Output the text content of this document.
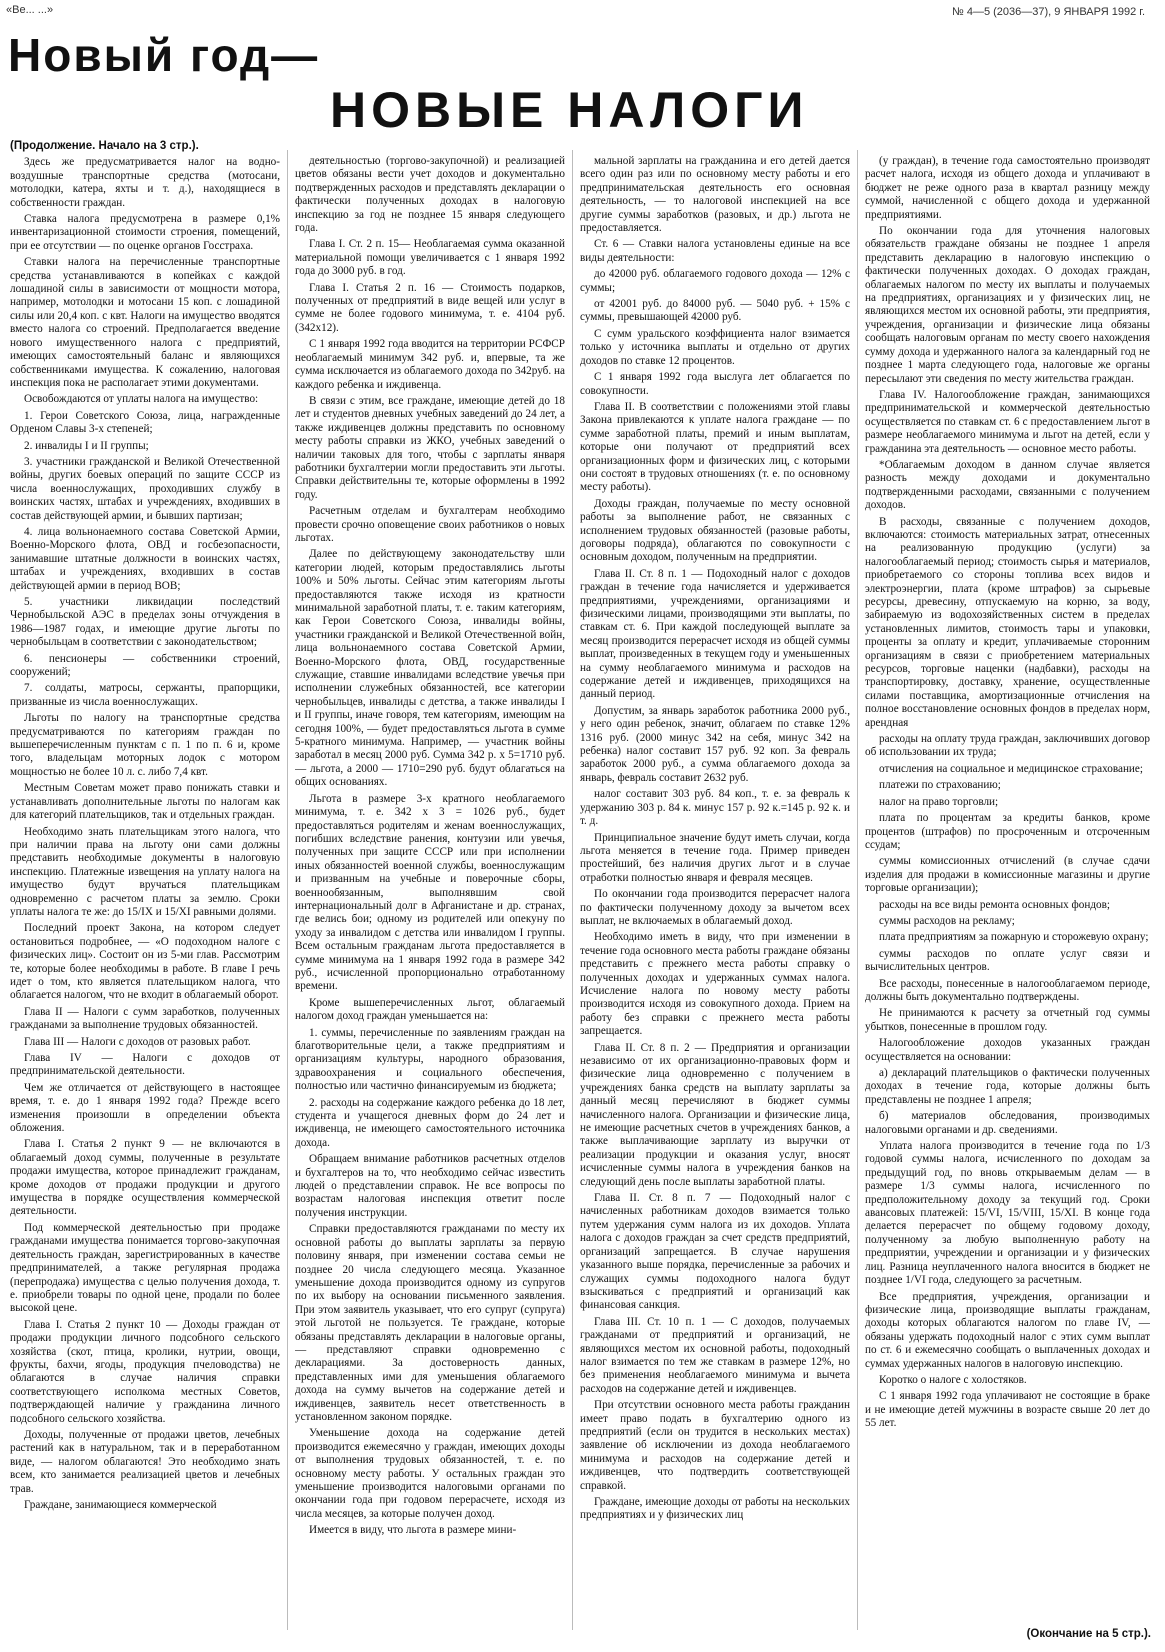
«Ве... ...»	№ 4—5 (2036—37), 9 ЯНВАРЯ 1992 г.
Новый год—
НОВЫЕ НАЛОГИ

(Продолжение. Начало на 3 стр.).

Здесь же предусматривается налог на водно-воздушные транспортные средства (мотосани, мотолодки, катера, яхты и т. д.), находящиеся в собственности граждан.

Ставка налога предусмотрена в размере 0,1% инвентаризационной стоимости строения, помещений, при ее отсутствии — по оценке органов Госстраха.

Ставки налога на перечисленные транспортные средства устанавливаются в копейках с каждой лошадиной силы в зависимости от мощности мотора, например, мотолодки и мотосани 15 коп. с лошадиной силы или 20,4 коп. с квт. Налоги на имущество вводятся вместо налога со строений. Предполагается введение нового имущественного налога с предприятий, имеющих самостоятельный баланс и являющихся собственниками имущества. К сожалению, налоговая инспекция пока не располагает этими документами.

Освобождаются от уплаты налога на имущество:

1. Герои Советского Союза, лица, награжденные Орденом Славы 3-х степеней;

2. инвалиды I и II группы;

3. участники гражданской и Великой Отечественной войны, других боевых операций по защите СССР из числа военнослужащих, проходивших службу в воинских частях, штабах и учреждениях, входивших в состав действующей армии, и бывших партизан;

4. лица вольнонаемного состава Советской Армии, Военно-Морского флота, ОВД и госбезопасности, занимавшие штатные должности в воинских частях, штабах и учреждениях, входивших в состав действующей армии в период ВОВ;

5. участники ликвидации последствий Чернобыльской АЭС в пределах зоны отчуждения в 1986—1987 годах, и имеющие другие льготы по чернобыльцам в соответствии с законодательством;

6. пенсионеры — собственники строений, сооружений;

7. солдаты, матросы, сержанты, прапорщики, призванные из числа военнослужащих.

Льготы по налогу на транспортные средства предусматриваются по категориям граждан по вышеперечисленным пунктам с п. 1 по п. 6 и, кроме того, владельцам моторных лодок с мотором мощностью не более 10 л. с. либо 7,4 квт.

Местным Советам может право понижать ставки и устанавливать дополнительные льготы по налогам как для категорий плательщиков, так и отдельных граждан.

Необходимо знать плательщикам этого налога, что при наличии права на льготу они сами должны представить необходимые документы в налоговую инспекцию. Платежные извещения на уплату налога на имущество будут вручаться плательщикам одновременно с расчетом платы за землю. Сроки уплаты налога те же: до 15/IX и 15/XI равными долями.

Последний проект Закона, на котором следует остановиться подробнее, — «О подоходном налоге с физических лиц». Состоит он из 5-ми глав. Рассмотрим те, которые более необходимы в работе. В главе I речь идет о том, кто является плательщиком налога, что облагается налогом, что не входит в облагаемый оборот.

Глава II — Налоги с сумм заработков, полученных гражданами за выполнение трудовых обязанностей.

Глава III — Налоги с доходов от разовых работ.

Глава IV — Налоги с доходов от предпринимательской деятельности.

Чем же отличается от действующего в настоящее время, т. е. до 1 января 1992 года? Прежде всего изменения произошли в определении объекта обложения.

Глава I. Статья 2 пункт 9 — не включаются в облагаемый доход суммы, полученные в результате продажи имущества, которое принадлежит гражданам, кроме доходов от продажи продукции и другого имущества в порядке осуществления коммерческой деятельности.

Под коммерческой деятельностью при продаже гражданами имущества понимается торгово-закупочная деятельность граждан, зарегистрированных в качестве предпринимателей, а также регулярная продажа (перепродажа) имущества с целью получения дохода, т. е. приобрели товары по одной цене, продали по более высокой цене.

Глава I. Статья 2 пункт 10 — Доходы граждан от продажи продукции личного подсобного сельского хозяйства (скот, птица, кролики, нутрии, овощи, фрукты, бахчи, ягоды, продукция пчеловодства) не облагаются в случае наличия справки соответствующего исполкома местных Советов, подтверждающей наличие у гражданина личного подсобного сельского хозяйства.

Доходы, полученные от продажи цветов, лечебных растений как в натуральном, так и в переработанном виде, — налогом облагаются! Это необходимо знать всем, кто занимается реализацией цветов и лечебных трав.

Граждане, занимающиеся коммерческой

деятельностью (торгово-закупочной) и реализацией цветов обязаны вести учет доходов и документально подтвержденных расходов и представлять декларации о фактически полученных доходах в налоговую инспекцию за год не позднее 15 января следующего года.

Глава I. Ст. 2 п. 15— Необлагаемая сумма оказанной материальной помощи увеличивается с 1 января 1992 года до 3000 руб. в год.

Глава I. Статья 2 п. 16 — Стоимость подарков, полученных от предприятий в виде вещей или услуг в сумме не более годового минимума, т. е. 4104 руб. (342х12).

С 1 января 1992 года вводится на территории РСФСР необлагаемый минимум 342 руб. и, впервые, та же сумма исключается из облагаемого дохода по 342руб. на каждого ребенка и иждивенца.

В связи с этим, все граждане, имеющие детей до 18 лет и студентов дневных учебных заведений до 24 лет, а также иждивенцев должны представить по основному месту работы справки из ЖКО, учебных заведений о наличии таковых для того, чтобы с зарплаты января работники бухгалтерии могли предоставить эти льготы. Справки действительны те, которые оформлены в 1992 году.

Расчетным отделам и бухгалтерам необходимо провести срочно оповещение своих работников о новых льготах.

Далее по действующему законодательству шли категории людей, которым предоставлялись льготы 100% и 50% льготы. Сейчас этим категориям льготы предоставляются также исходя из кратности минимальной заработной платы, т. е. таким категориям, как Герои Советского Союза, инвалиды войны, участники гражданской и Великой Отечественной войн, лица вольнонаемного состава Советской Армии, Военно-Морского флота, ОВД, государственные служащие, ставшие инвалидами вследствие увечья при исполнении служебных обязанностей, все категории чернобыльцев, инвалиды с детства, а также инвалиды I и II группы, иначе говоря, тем категориям, имеющим на сегодня 100%, — будет предоставляться льгота в сумме 5-кратного минимума. Например, — участник войны заработал в месяц 2000 руб. Сумма 342 р. х 5=1710 руб. — льгота, а 2000 — 1710=290 руб. будут облагаться на общих основаниях.

Льгота в размере 3-х кратного необлагаемого минимума, т. е. 342 х 3 = 1026 руб., будет предоставляться родителям и женам военнослужащих, погибших вследствие ранения, контузии или увечья, полученных при защите СССР или при исполнении иных обязанностей военной службы, военнослужащим и призванным на учебные и поверочные сборы, военнообязанным, выполнявшим свой интернациональный долг в Афганистане и др. странах, где велись бои; одному из родителей или опекуну по уходу за инвалидом с детства или инвалидом I группы. Всем остальным гражданам льгота предоставляется в сумме минимума на 1 января 1992 года в размере 342 руб., исчисленной пропорционально отработанному времени.

Кроме вышеперечисленных льгот, облагаемый налогом доход граждан уменьшается на:

1. суммы, перечисленные по заявлениям граждан на благотворительные цели, а также предприятиям и организациям культуры, народного образования, здравоохранения и социального обеспечения, полностью или частично финансируемым из бюджета;

2. расходы на содержание каждого ребенка до 18 лет, студента и учащегося дневных форм до 24 лет и иждивенца, не имеющего самостоятельного источника дохода.

Обращаем внимание работников расчетных отделов и бухгалтеров на то, что необходимо сейчас известить людей о представлении справок. Не все вопросы по возрастам налоговая инспекция ответит после получения инструкции.

Справки предоставляются гражданами по месту их основной работы до выплаты зарплаты за первую половину января, при изменении состава семьи не позднее 20 числа следующего месяца. Указанное уменьшение дохода производится одному из супругов по их выбору на основании письменного заявления. При этом заявитель указывает, что его супруг (супруга) этой льготой не пользуется. Те граждане, которые обязаны представлять декларации в налоговые органы, — представляют справки одновременно с декларациями. За достоверность данных, представленных ими для уменьшения облагаемого дохода на сумму вычетов на содержание детей и иждивенцев, заявитель несет ответственность в установленном законом порядке.

Уменьшение дохода на содержание детей производится ежемесячно у граждан, имеющих доходы от выполнения трудовых обязанностей, т. е. по основному месту работы. У остальных граждан это уменьшение производится налоговыми органами по окончании года при годовом перерасчете, исходя из числа месяцев, за которые получен доход.

Имеется в виду, что льгота в размере мини-

мальной зарплаты на гражданина и его детей дается всего один раз или по основному месту работы и его предпринимательская деятельность его основная деятельность, — то налоговой инспекцией на все другие суммы заработков (разовых, и др.) льгота не предоставляется.

Ст. 6 — Ставки налога установлены единые на все виды деятельности:

до 42000 руб. облагаемого годового дохода — 12% с суммы;

от 42001 руб. до 84000 руб. — 5040 руб. + 15% с суммы, превышающей 42000 руб.

С сумм уральского коэффициента налог взимается только у источника выплаты и отдельно от других доходов по ставке 12 процентов.

С 1 января 1992 года выслуга лет облагается по совокупности.

Глава II. В соответствии с положениями этой главы Закона привлекаются к уплате налога граждане — по сумме заработной платы, премий и иным выплатам, которые они получают от предприятий всех организационных форм и физических лиц, с которыми они состоят в трудовых отношениях (т. е. по основному месту работы).

Доходы граждан, получаемые по месту основной работы за выполнение работ, не связанных с исполнением трудовых обязанностей (разовые работы, договоры подряда), облагаются по совокупности с основным доходом, полученным на предприятии.

Глава II. Ст. 8 п. 1 — Подоходный налог с доходов граждан в течение года начисляется и удерживается предприятиями, учреждениями, организациями и физическими лицами, производящими эти выплаты, по ставкам ст. 6. При каждой последующей выплате за месяц производится перерасчет исходя из общей суммы выплат, произведенных в текущем году и уменьшенных на сумму необлагаемого минимума и расходов на содержание детей и иждивенцев, приходящихся на данный период.

Допустим, за январь заработок работника 2000 руб., у него один ребенок, значит, облагаем по ставке 12% 1316 руб. (2000 минус 342 на себя, минус 342 на ребенка) налог составит 157 руб. 92 коп. За февраль заработок 2000 руб., а сумма облагаемого дохода за январь, февраль составит 2632 руб.

налог составит 303 руб. 84 коп., т. е. за февраль к удержанию 303 р. 84 к. минус 157 р. 92 к.=145 р. 92 к. и т. д.

Принципиальное значение будут иметь случаи, когда льгота меняется в течение года. Пример приведен простейший, без наличия других льгот и в случае отработки полностью января и февраля месяцев.

По окончании года производится перерасчет налога по фактически полученному доходу за вычетом всех выплат, не включаемых в облагаемый доход.

Необходимо иметь в виду, что при изменении в течение года основного места работы граждане обязаны представить с прежнего места работы справку о полученных доходах и удержанных суммах налога. Исчисление налога по новому месту работы производится исходя из совокупного дохода. Прием на работу без справки с прежнего места работы запрещается.

Глава II. Ст. 8 п. 2 — Предприятия и организации независимо от их организационно-правовых форм и физические лица одновременно с получением в учреждениях банка средств на выплату зарплаты за данный месяц перечисляют в бюджет суммы начисленного налога. Организации и физические лица, не имеющие расчетных счетов в учреждениях банков, а также выплачивающие зарплату из выручки от реализации продукции и оказания услуг, вносят исчисленные суммы налога в учреждения банков на следующий день после выплаты заработной платы.

Глава II. Ст. 8 п. 7 — Подоходный налог с начисленных работникам доходов взимается только путем удержания сумм налога из их доходов. Уплата налога с доходов граждан за счет средств предприятий, организаций запрещается. В случае нарушения указанного выше порядка, перечисленные за рабочих и служащих суммы подоходного налога будут взыскиваться с предприятий и организаций как финансовая санкция.

Глава III. Ст. 10 п. 1 — С доходов, получаемых гражданами от предприятий и организаций, не являющихся местом их основной работы, подоходный налог взимается по тем же ставкам в размере 12%, но без применения необлагаемого минимума и вычета расходов на содержание детей и иждивенцев.

При отсутствии основного места работы гражданин имеет право подать в бухгалтерию одного из предприятий (если он трудится в нескольких местах) заявление об исключении из дохода необлагаемого минимума и расходов на содержание детей и иждивенцев, что подтвердить соответствующей справкой.

Граждане, имеющие доходы от работы на нескольких предприятиях и у физических лиц

(у граждан), в течение года самостоятельно производят расчет налога, исходя из общего дохода и уплачивают в бюджет не реже одного раза в квартал разницу между суммой, начисленной с общего дохода и удержанной предприятиями.

По окончании года для уточнения налоговых обязательств граждане обязаны не позднее 1 апреля представить декларацию в налоговую инспекцию о фактически полученных доходах. О доходах граждан, облагаемых налогом по месту их выплаты и получаемых на предприятиях, организациях и у физических лиц, не являющихся местом их основной работы, эти предприятия, учреждения, организации и физические лица обязаны сообщать налоговым органам по месту своего нахождения сумму дохода и удержанного налога за календарный год не позднее 1 марта следующего года, налоговые же органы пересылают эти сведения по месту жительства граждан.

Глава IV. Налогообложение граждан, занимающихся предпринимательской и коммерческой деятельностью осуществляется по ставкам ст. 6 с предоставлением льгот в размере необлагаемого минимума и льгот на детей, если у гражданина эта деятельность — основное место работы.

*Облагаемым доходом в данном случае является разность между доходами и документально подтвержденными расходами, связанными с получением доходов.

В расходы, связанные с получением доходов, включаются: стоимость материальных затрат, отнесенных на реализованную продукцию (услуги) за налогооблагаемый период; стоимость сырья и материалов, приобретаемого со стороны топлива всех видов и электроэнергии, плата (кроме штрафов) за сырьевые ресурсы, древесину, отпускаемую на корню, за воду, забираемую из водохозяйственных систем в пределах установленных лимитов, стоимость тары и упаковки, проценты за оплату и кредит, уплачиваемые сторонним организациям в связи с приобретением материальных ресурсов, торговые наценки (надбавки), расходы на транспортировку, доставку, хранение, осуществленные силами поставщика, амортизационные отчисления на полное восстановление основных фондов в пределах норм, арендная

расходы на оплату труда граждан, заключивших договор об использовании их труда;

отчисления на социальное и медицинское страхование;

платежи по страхованию;

налог на право торговли;

плата по процентам за кредиты банков, кроме процентов (штрафов) по просроченным и отсроченным ссудам;

суммы комиссионных отчислений (в случае сдачи изделия для продажи в комиссионные магазины и другие торговые организации);

расходы на все виды ремонта основных фондов;

суммы расходов на рекламу;

плата предприятиям за пожарную и сторожевую охрану;

суммы расходов по оплате услуг связи и вычислительных центров.

Все расходы, понесенные в налогооблагаемом периоде, должны быть документально подтверждены.

Не принимаются к расчету за отчетный год суммы убытков, понесенные в прошлом году.

Налогообложение доходов указанных граждан осуществляется на основании:

а) деклараций плательщиков о фактически полученных доходах в течение года, которые должны быть представлены не позднее 1 апреля;

б) материалов обследования, производимых налоговыми органами и др. сведениями.

Уплата налога производится в течение года по 1/3 годовой суммы налога, исчисленного по доходам за предыдущий год, по вновь открываемым делам — в размере 1/3 суммы налога, исчисленного по предположительному доходу за текущий год. Сроки авансовых платежей: 15/VI, 15/VIII, 15/XI. В конце года делается перерасчет по общему годовому доходу, полученному за любую выполненную работу на предприятии, учреждении и организации и у физических лиц. Разница неуплаченного налога вносится в бюджет не позднее 1/VI года, следующего за расчетным.

Все предприятия, учреждения, организации и физические лица, производящие выплаты гражданам, доходы которых облагаются налогом по главе IV, — обязаны удержать подоходный налог с этих сумм выплат по ст. 6 и ежемесячно сообщать о выплаченных доходах и суммах удержанных налогов в налоговую инспекцию.

Коротко о налоге с холостяков.

С 1 января 1992 года уплачивают не состоящие в браке и не имеющие детей мужчины в возрасте свыше 20 лет до 55 лет.

(Окончание на 5 стр.).
